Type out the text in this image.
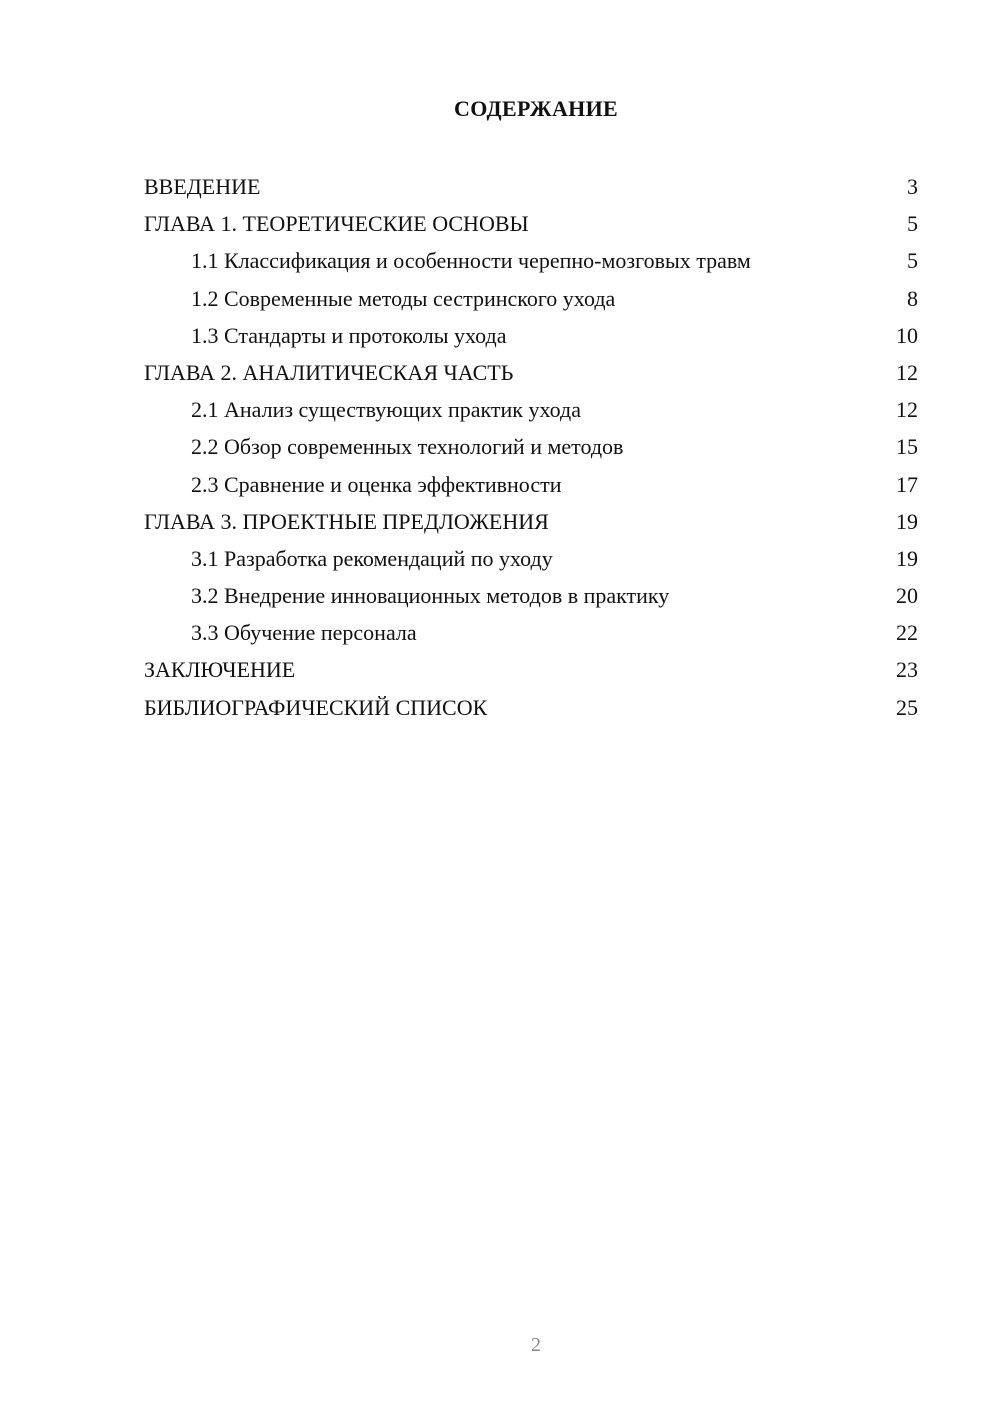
СОДЕРЖАНИЕ
ВВЕДЕНИЕ	3
ГЛАВА 1. ТЕОРЕТИЧЕСКИЕ ОСНОВЫ	5
1.1 Классификация и особенности черепно-мозговых травм	5
1.2 Современные методы сестринского ухода	8
1.3 Стандарты и протоколы ухода	10
ГЛАВА 2. АНАЛИТИЧЕСКАЯ ЧАСТЬ	12
2.1 Анализ существующих практик ухода	12
2.2 Обзор современных технологий и методов	15
2.3 Сравнение и оценка эффективности	17
ГЛАВА 3. ПРОЕКТНЫЕ ПРЕДЛОЖЕНИЯ	19
3.1 Разработка рекомендаций по уходу	19
3.2 Внедрение инновационных методов в практику	20
3.3 Обучение персонала	22
ЗАКЛЮЧЕНИЕ	23
БИБЛИОГРАФИЧЕСКИЙ СПИСОК	25
2
